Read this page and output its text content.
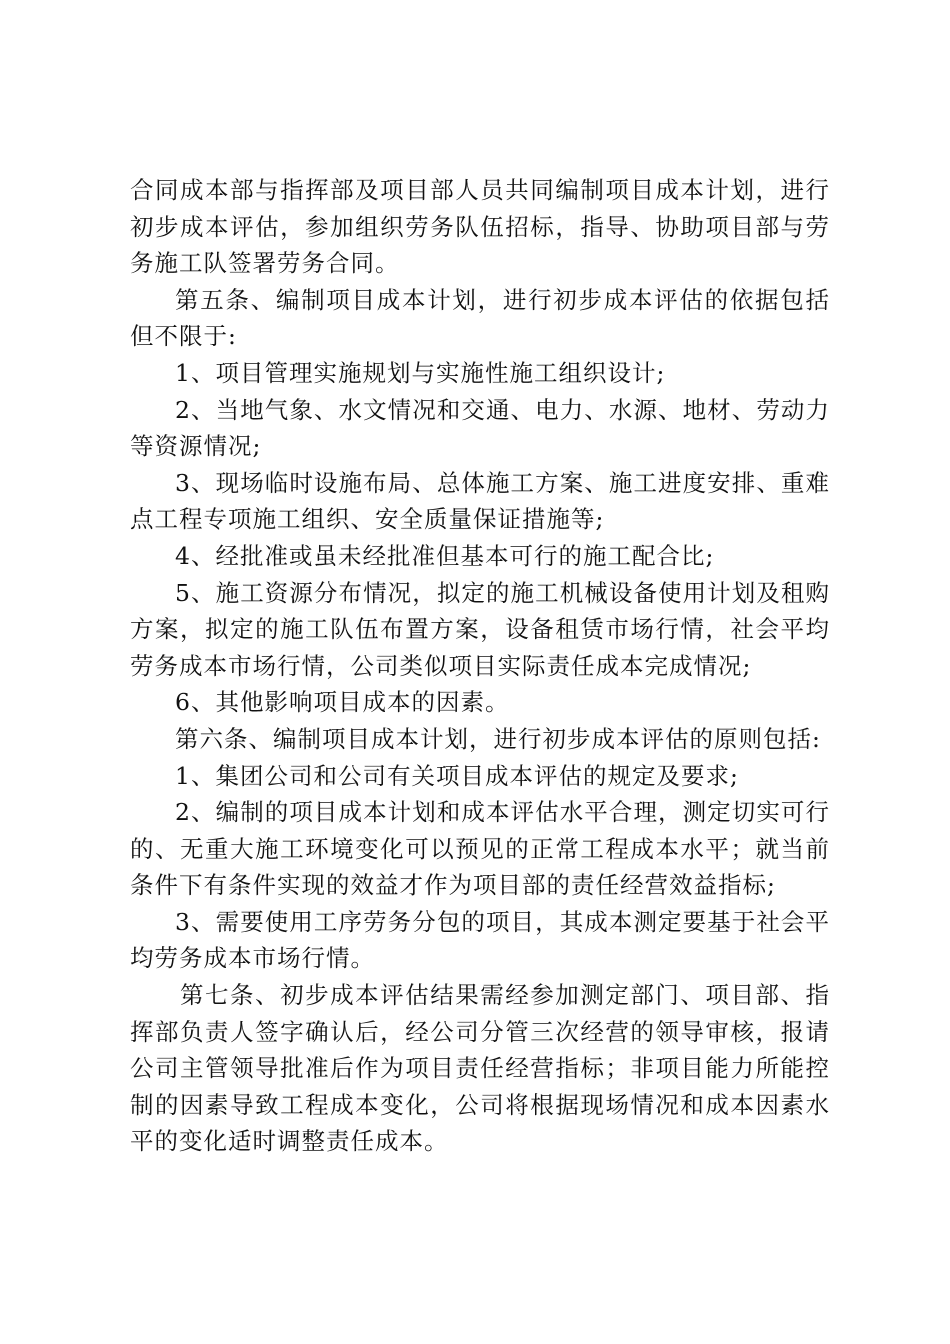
合同成本部与指挥部及项目部人员共同编制项目成本计划，进行初步成本评估，参加组织劳务队伍招标，指导、协助项目部与劳务施工队签署劳务合同。

第五条、编制项目成本计划，进行初步成本评估的依据包括但不限于:

1、项目管理实施规划与实施性施工组织设计;

2、当地气象、水文情况和交通、电力、水源、地材、劳动力等资源情况;

3、现场临时设施布局、总体施工方案、施工进度安排、重难点工程专项施工组织、安全质量保证措施等;

4、经批准或虽未经批准但基本可行的施工配合比;

5、施工资源分布情况，拟定的施工机械设备使用计划及租购方案，拟定的施工队伍布置方案，设备租赁市场行情，社会平均劳务成本市场行情，公司类似项目实际责任成本完成情况;

6、其他影响项目成本的因素。

第六条、编制项目成本计划，进行初步成本评估的原则包括:

1、集团公司和公司有关项目成本评估的规定及要求;

2、编制的项目成本计划和成本评估水平合理，测定切实可行的、无重大施工环境变化可以预见的正常工程成本水平；就当前条件下有条件实现的效益才作为项目部的责任经营效益指标;

3、需要使用工序劳务分包的项目，其成本测定要基于社会平均劳务成本市场行情。

第七条、初步成本评估结果需经参加测定部门、项目部、指挥部负责人签字确认后，经公司分管三次经营的领导审核，报请公司主管领导批准后作为项目责任经营指标；非项目能力所能控制的因素导致工程成本变化，公司将根据现场情况和成本因素水平的变化适时调整责任成本。
